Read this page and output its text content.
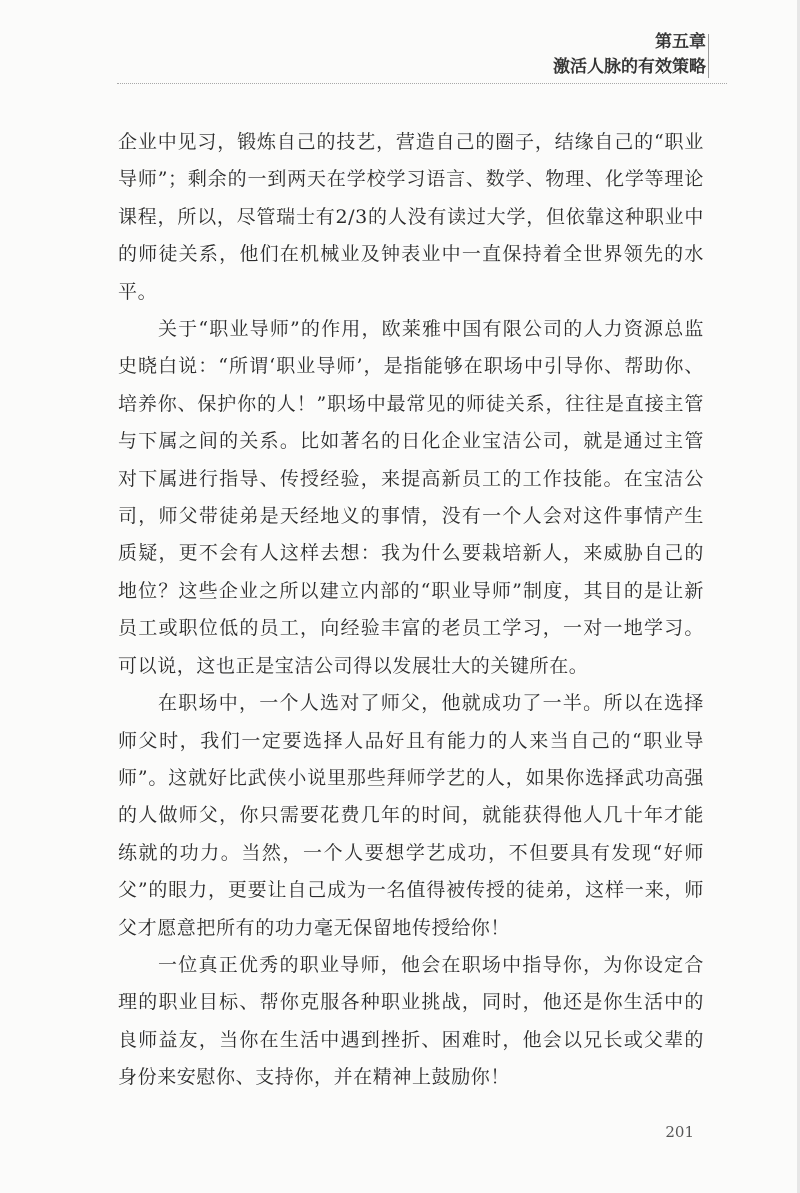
第五章
激活人脉的有效策略

企业中见习，锻炼自己的技艺，营造自己的圈子，结缘自己的“职业导师”；剩余的一到两天在学校学习语言、数学、物理、化学等理论课程，所以，尽管瑞士有2/3的人没有读过大学，但依靠这种职业中的师徒关系，他们在机械业及钟表业中一直保持着全世界领先的水平。

关于“职业导师”的作用，欧莱雅中国有限公司的人力资源总监史晓白说：“所谓‘职业导师’，是指能够在职场中引导你、帮助你、培养你、保护你的人！”职场中最常见的师徒关系，往往是直接主管与下属之间的关系。比如著名的日化企业宝洁公司，就是通过主管对下属进行指导、传授经验，来提高新员工的工作技能。在宝洁公司，师父带徒弟是天经地义的事情，没有一个人会对这件事情产生质疑，更不会有人这样去想：我为什么要栽培新人，来威胁自己的地位？这些企业之所以建立内部的“职业导师”制度，其目的是让新员工或职位低的员工，向经验丰富的老员工学习，一对一地学习。可以说，这也正是宝洁公司得以发展壮大的关键所在。

在职场中，一个人选对了师父，他就成功了一半。所以在选择师父时，我们一定要选择人品好且有能力的人来当自己的“职业导师”。这就好比武侠小说里那些拜师学艺的人，如果你选择武功高强的人做师父，你只需要花费几年的时间，就能获得他人几十年才能练就的功力。当然，一个人要想学艺成功，不但要具有发现“好师父”的眼力，更要让自己成为一名值得被传授的徒弟，这样一来，师父才愿意把所有的功力毫无保留地传授给你！

一位真正优秀的职业导师，他会在职场中指导你，为你设定合理的职业目标、帮你克服各种职业挑战，同时，他还是你生活中的良师益友，当你在生活中遇到挫折、困难时，他会以兄长或父辈的身份来安慰你、支持你，并在精神上鼓励你！

201
